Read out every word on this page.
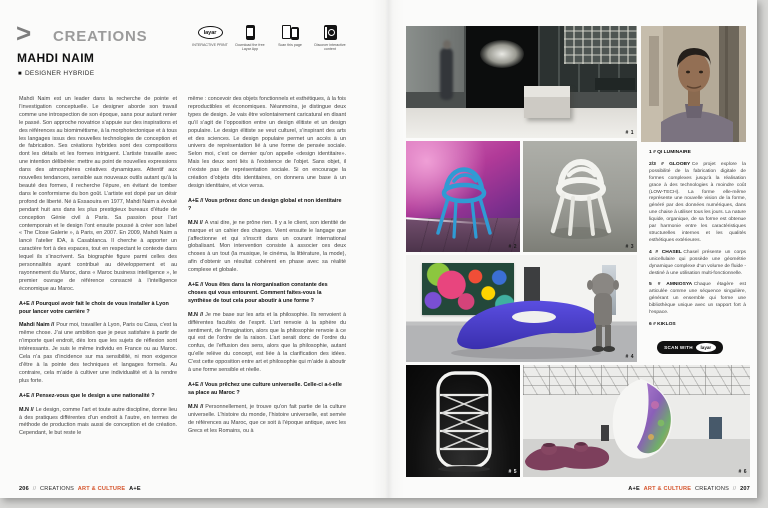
> CREATIONS	layar
INTERACTIVE PRINT	Download the free Layar App
Scan this page	Discover interactive content
MAHDI NAIM
■ DESIGNER HYBRIDE

Mahdi Naim est un leader dans la recherche de pointe et l’investigation conceptuelle. Le designer aborde son travail comme une introspection de son époque, sans pour autant renier le passé. Son approche novatrice s’appuie sur des inspirations et des références au biomimétisme, à la morphotectonique et à tous les langages issus des nouvelles technologies de conception et de fabrication. Ses créations hybrides sont des compositions dont les détails et les formes intriguent. L’artiste travaille avec une intention délibérée: mettre au point de nouvelles expressions dans des atmosphères créatives dynamiques. Attentif aux nouvelles tendances, sensible aux nouveaux outils autant qu’à la beauté des formes, il recherche l’épure, en évitant de tomber dans le conformisme du bon goût. L’artiste est dopé par un désir profond de liberté. Né à Essaouira en 1977, Mahdi Naim a évolué pendant huit ans dans les plus prestigieux bureaux d’étude de conception Génie civil à Paris. Sa passion pour l’art contemporain et le design l’ont ensuite poussé à créer son label « The Close Galerie », à Paris, en 2007. En 2009, Mahdi Naim a lancé l’atelier IDA, à Casablanca. Il cherche à apporter un caractère fort à des espaces, tout en respectant le contexte dans lequel ils s’inscrivent. Sa biographie figure parmi celles des personnalités ayant contribué au développement et au rayonnement du Maroc, dans « Maroc business intelligence », le premier ouvrage de référence consacré à l’intelligence économique au Maroc.

A+E // Pourquoi avoir fait le choix de vous installer à Lyon pour lancer votre carrière ?

Mahdi Naim // Pour moi, travailler à Lyon, Paris ou Casa, c’est la même chose. J’ai une ambition que je peux satisfaire à partir de n’importe quel endroit, dès lors que les sujets de réflexion sont intéressants. Je suis le même individu en France ou au Maroc. Cela n’a pas d’incidence sur ma sensibilité, ni mon exigence d’être à la pointe des techniques et langages formels. Au contraire, cela m’aide à cultiver une individualité et à la rendre plus forte.

A+E // Pensez-vous que le design a une nationalité ?

M.N // Le design, comme l’art et toute autre discipline, donne lieu à des pratiques différentes d’un endroit à l’autre, en termes de méthode de production mais aussi de conception et de création. Cependant, le but reste le

même : concevoir des objets fonctionnels et esthétiques, à la fois reproductibles et économiques. Néanmoins, je distingue deux types de design. Je vais être volontairement caricatural en disant qu’il s’agit de l’opposition entre un design élitiste et un design populaire. Le design élitiste se veut culturel, s’inspirant des arts et des sciences. Le design populaire permet un accès à un univers de représentation lié à une forme de pensée sociale. Selon moi, c’est ce dernier qu’on appelle «design identitaire». Mais les deux sont liés à l’existence de l’objet. Sans objet, il n’existe pas de représentation sociale. Si on encourage la création d’objets dits identitaires, on donnera une base à un design identitaire, et vice versa.

A+E // Vous prônez donc un design global et non identitaire ?

M.N // A vrai dire, je ne prône rien. Il y a le client, son identité de marque et un cahier des charges. Vient ensuite le langage que j’affectionne et qui s’inscrit dans un courant international globalisant. Mon intervention consiste à associer ces deux choses à un tout (la musique, le cinéma, la littérature, la mode), afin d’obtenir un résultat cohérent en phase avec sa réalité complexe et globale.

A+E // Vous êtes dans la réorganisation constante des choses qui vous entourent. Comment faites-vous la synthèse de tout cela pour aboutir à une forme ?

M.N // Je me base sur les arts et la philosophie. Ils renvoient à différentes facultés de l’esprit. L’art renvoie à la sphère du sentiment, de l’imagination, alors que la philosophie renvoie à ce qui est de l’ordre de la raison. L’art serait donc de l’ordre du confus, de l’effusion des sens, alors que la philosophie, autant qu’elle relève du concept, est liée à la clarification des idées. C’est cette opposition entre art et philosophie qui m’aide à aboutir à une forme sensible et réelle.

A+E // Vous prêchez une culture universelle. Celle-ci a-t-elle sa place au Maroc ?

M.N // Personnellement, je trouve qu’on fait partie de la culture universelle. L’histoire du monde, l’histoire universelle, est semée de références au Maroc, que ce soit à l’époque antique, avec les Grecs et les Romains, ou à

206 // CREATIONS ART & CULTURE A+E
# 1
# 2	# 3
# 4
# 5	# 6

1 # QI LUMINAIRE

2/3 # GLOOBY Ce projet explore la possibilité de la fabrication digitale de formes complexes jusqu’à la réalisation grace à des technologies à moindre coût (LOW-TECH). La forme elle-même représente une nouvelle vision de la forme, généré par des données numériques, dans une chaise à utiliser tous les jours. La nature liquide, organique, de sa forme est obtenue par harmonie entre les caractéristiques structurelles internes et les qualités esthétiques extérieures.

4 # CHASEL Chasel présente un corps unicellulaire qui possède une géométrie dynamique complexe d’un volume de fluide - destiné à une utilisation multi-fonctionnelle.

5 # AMNIOSYA Chaque étagère est articulée comme une séquence singulière, générant un ensemble qui forme une bibliothèque unique avec un rapport fort à l’espace.

6 # KIKLOS

SCAN WITH	layar
A+E ART & CULTURE CREATIONS // 207
